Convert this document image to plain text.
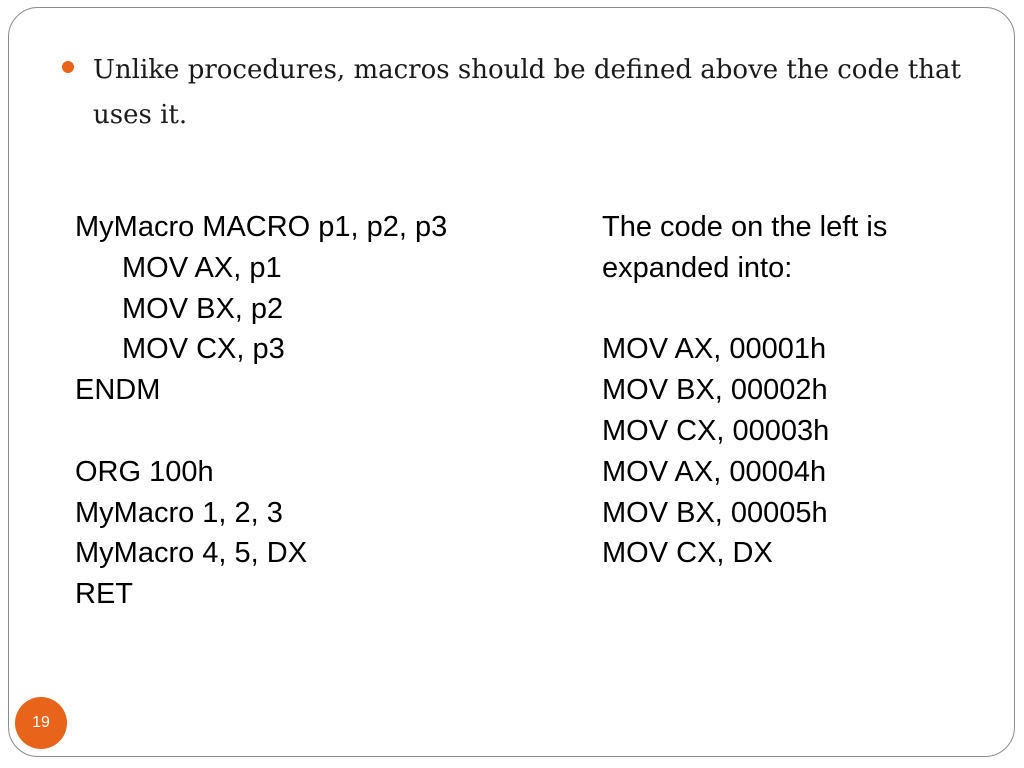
Unlike procedures, macros should be defined above the code that uses it.
MyMacro MACRO p1, p2, p3
MOV AX, p1
MOV BX, p2
MOV CX, p3
ENDM
ORG 100h
MyMacro 1, 2, 3
MyMacro 4, 5, DX
RET
The code on the left is
expanded into:
MOV AX, 00001h
MOV BX, 00002h
MOV CX, 00003h
MOV AX, 00004h
MOV BX, 00005h
MOV CX, DX
19
